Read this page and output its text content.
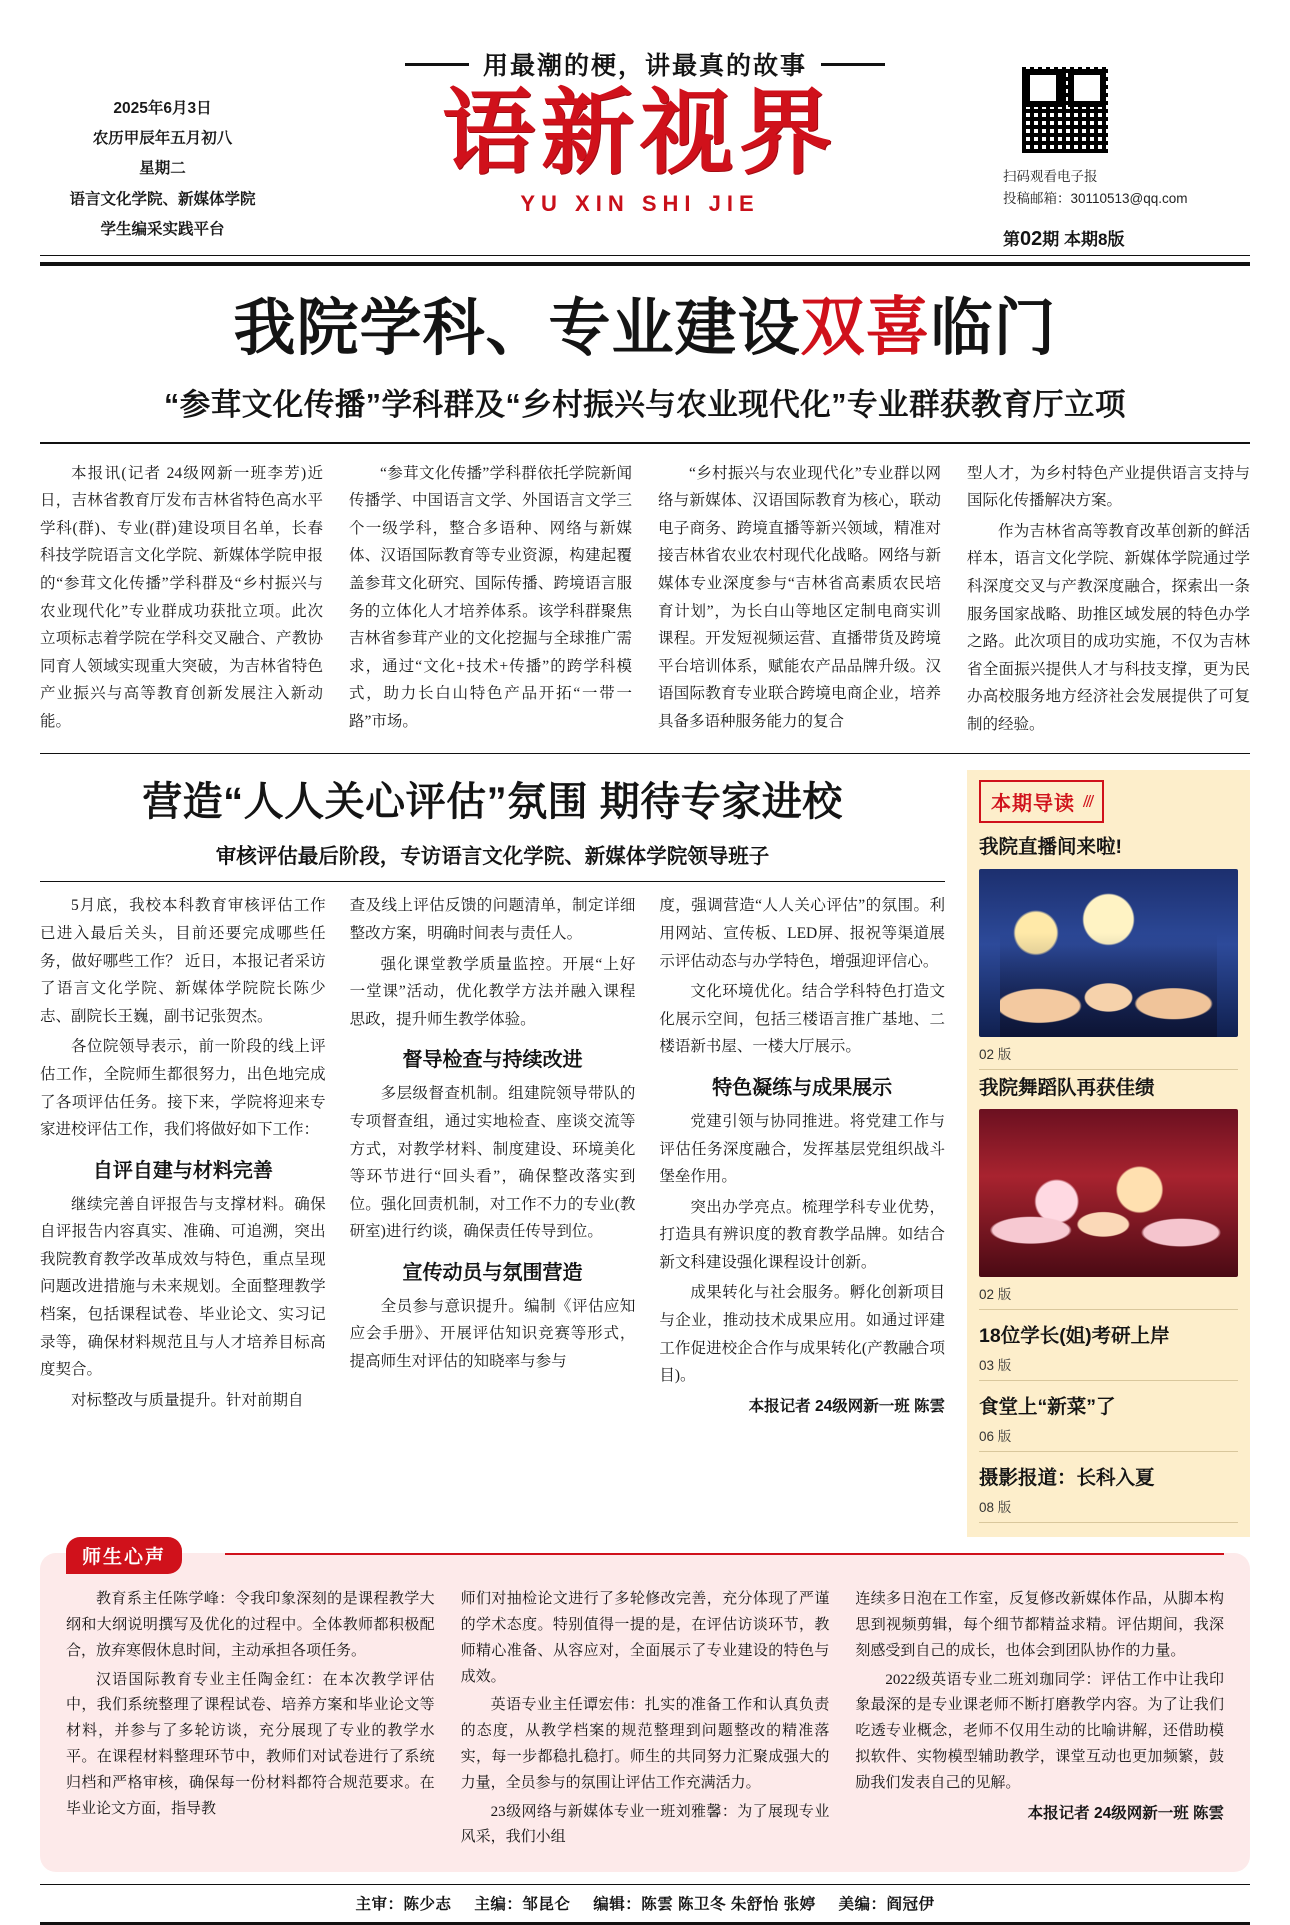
用最潮的梗，讲最真的故事
2025年6月3日
农历甲辰年五月初八
星期二
语言文化学院、新媒体学院
学生编采实践平台
语新视界
YU XIN SHI JIE
扫码观看电子报
投稿邮箱：30110513@qq.com
第02期 本期8版
我院学科、专业建设双喜临门
“参茸文化传播”学科群及“乡村振兴与农业现代化”专业群获教育厅立项

本报讯(记者 24级网新一班李芳)近日，吉林省教育厅发布吉林省特色高水平学科(群)、专业(群)建设项目名单，长春科技学院语言文化学院、新媒体学院申报的“参茸文化传播”学科群及“乡村振兴与农业现代化”专业群成功获批立项。此次立项标志着学院在学科交叉融合、产教协同育人领域实现重大突破，为吉林省特色产业振兴与高等教育创新发展注入新动能。

“参茸文化传播”学科群依托学院新闻传播学、中国语言文学、外国语言文学三个一级学科，整合多语种、网络与新媒体、汉语国际教育等专业资源，构建起覆盖参茸文化研究、国际传播、跨境语言服务的立体化人才培养体系。该学科群聚焦吉林省参茸产业的文化挖掘与全球推广需求，通过“文化+技术+传播”的跨学科模式，助力长白山特色产品开拓“一带一路”市场。

“乡村振兴与农业现代化”专业群以网络与新媒体、汉语国际教育为核心，联动电子商务、跨境直播等新兴领域，精准对接吉林省农业农村现代化战略。网络与新媒体专业深度参与“吉林省高素质农民培育计划”，为长白山等地区定制电商实训课程。开发短视频运营、直播带货及跨境平台培训体系，赋能农产品品牌升级。汉语国际教育专业联合跨境电商企业，培养具备多语种服务能力的复合

型人才，为乡村特色产业提供语言支持与国际化传播解决方案。

作为吉林省高等教育改革创新的鲜活样本，语言文化学院、新媒体学院通过学科深度交叉与产教深度融合，探索出一条服务国家战略、助推区域发展的特色办学之路。此次项目的成功实施，不仅为吉林省全面振兴提供人才与科技支撑，更为民办高校服务地方经济社会发展提供了可复制的经验。

营造“人人关心评估”氛围 期待专家进校
审核评估最后阶段，专访语言文化学院、新媒体学院领导班子

5月底，我校本科教育审核评估工作已进入最后关头，目前还要完成哪些任务，做好哪些工作？ 近日，本报记者采访了语言文化学院、新媒体学院院长陈少志、副院长王巍，副书记张贺杰。

各位院领导表示，前一阶段的线上评估工作，全院师生都很努力，出色地完成了各项评估任务。接下来，学院将迎来专家进校评估工作，我们将做好如下工作：

自评自建与材料完善

继续完善自评报告与支撑材料。确保自评报告内容真实、准确、可追溯，突出我院教育教学改革成效与特色，重点呈现问题改进措施与未来规划。全面整理教学档案，包括课程试卷、毕业论文、实习记录等，确保材料规范且与人才培养目标高度契合。

对标整改与质量提升。针对前期自

查及线上评估反馈的问题清单，制定详细整改方案，明确时间表与责任人。

强化课堂教学质量监控。开展“上好一堂课”活动，优化教学方法并融入课程思政，提升师生教学体验。

督导检查与持续改进

多层级督查机制。组建院领导带队的专项督查组，通过实地检查、座谈交流等方式，对教学材料、制度建设、环境美化等环节进行“回头看”，确保整改落实到位。强化回责机制，对工作不力的专业(教研室)进行约谈，确保责任传导到位。

宣传动员与氛围营造

全员参与意识提升。编制《评估应知应会手册》、开展评估知识竞赛等形式，提高师生对评估的知晓率与参与

度，强调营造“人人关心评估”的氛围。利用网站、宣传板、LED屏、报祝等渠道展示评估动态与办学特色，增强迎评信心。

文化环境优化。结合学科特色打造文化展示空间，包括三楼语言推广基地、二楼语新书屋、一楼大厅展示。

特色凝练与成果展示

党建引领与协同推进。将党建工作与评估任务深度融合，发挥基层党组织战斗堡垒作用。

突出办学亮点。梳理学科专业优势，打造具有辨识度的教育教学品牌。如结合新文科建设强化课程设计创新。

成果转化与社会服务。孵化创新项目与企业，推动技术成果应用。如通过评建工作促进校企合作与成果转化(产教融合项目)。

本报记者 24级网新一班 陈雲
本期导读 ///
我院直播间来啦!
02 版
我院舞蹈队再获佳绩
02 版
18位学长(姐)考研上岸
03 版
食堂上“新菜”了
06 版
摄影报道：长科入夏
08 版
师生心声

教育系主任陈学峰：令我印象深刻的是课程教学大纲和大纲说明撰写及优化的过程中。全体教师都积极配合，放弃寒假休息时间，主动承担各项任务。

汉语国际教育专业主任陶金红：在本次教学评估中，我们系统整理了课程试卷、培养方案和毕业论文等材料，并参与了多轮访谈，充分展现了专业的教学水平。在课程材料整理环节中，教师们对试卷进行了系统归档和严格审核，确保每一份材料都符合规范要求。在毕业论文方面，指导教

师们对抽检论文进行了多轮修改完善，充分体现了严谨的学术态度。特别值得一提的是，在评估访谈环节，教师精心准备、从容应对，全面展示了专业建设的特色与成效。

英语专业主任谭宏伟：扎实的准备工作和认真负责的态度，从教学档案的规范整理到问题整改的精准落实，每一步都稳扎稳打。师生的共同努力汇聚成强大的力量，全员参与的氛围让评估工作充满活力。

23级网络与新媒体专业一班刘雅馨：为了展现专业风采，我们小组

连续多日泡在工作室，反复修改新媒体作品，从脚本构思到视频剪辑，每个细节都精益求精。评估期间，我深刻感受到自己的成长，也体会到团队协作的力量。

2022级英语专业二班刘珈同学：评估工作中让我印象最深的是专业课老师不断打磨教学内容。为了让我们吃透专业概念，老师不仅用生动的比喻讲解，还借助模拟软件、实物模型辅助教学，课堂互动也更加频繁，鼓励我们发表自己的见解。

本报记者 24级网新一班 陈雲
主审：陈少志 主编：邹昆仑 编辑：陈雲 陈卫冬 朱舒怡 张婷 美编：阎冠伊
